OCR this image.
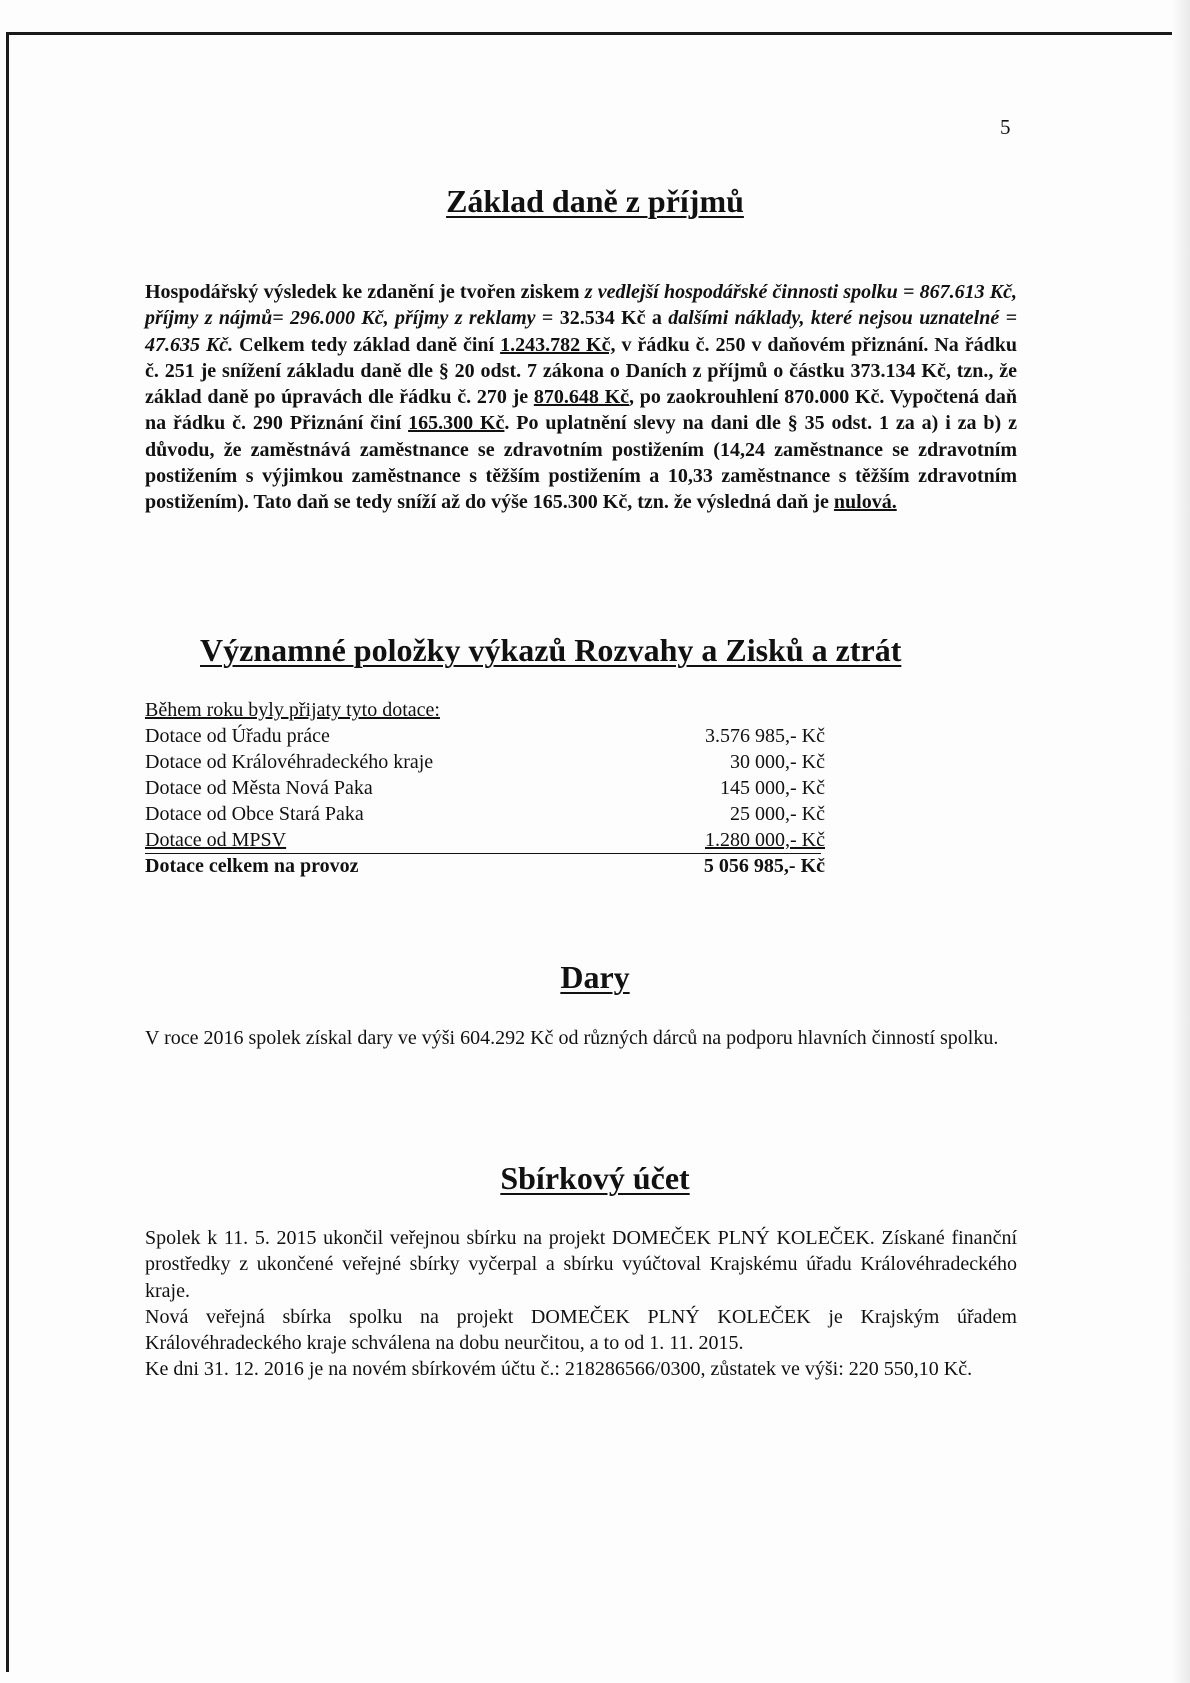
5
Základ daně z příjmů
Hospodářský výsledek ke zdanění je tvořen ziskem z vedlejší hospodářské činnosti spolku = 867.613 Kč, příjmy z nájmů= 296.000 Kč, příjmy z reklamy = 32.534 Kč a dalšími náklady, které nejsou uznatelné = 47.635 Kč. Celkem tedy základ daně činí 1.243.782 Kč, v řádku č. 250 v daňovém přiznání. Na řádku č. 251 je snížení základu daně dle § 20 odst. 7 zákona o Daních z příjmů o částku 373.134 Kč, tzn., že základ daně po úpravách dle řádku č. 270 je 870.648 Kč, po zaokrouhlení 870.000 Kč. Vypočtená daň na řádku č. 290 Přiznání činí 165.300 Kč. Po uplatnění slevy na dani dle § 35 odst. 1 za a) i za b) z důvodu, že zaměstnává zaměstnance se zdravotním postižením (14,24 zaměstnance se zdravotním postižením s výjimkou zaměstnance s těžším postižením a 10,33 zaměstnance s těžším zdravotním postižením). Tato daň se tedy sníží až do výše 165.300 Kč, tzn. že výsledná daň je nulová.
Významné položky výkazů Rozvahy a Zisků a ztrát
Během roku byly přijaty tyto dotace:
Dotace od Úřadu práce	3.576 985,- Kč
Dotace od Královéhradeckého kraje	30 000,- Kč
Dotace od Města Nová Paka	145 000,- Kč
Dotace od Obce Stará Paka	25 000,- Kč
Dotace od MPSV	1.280 000,- Kč
Dotace celkem na provoz	5 056 985,- Kč
Dary
V roce 2016 spolek získal dary ve výši 604.292 Kč od různých dárců na podporu hlavních činností spolku.
Sbírkový účet

Spolek k 11. 5. 2015 ukončil veřejnou sbírku na projekt DOMEČEK PLNÝ KOLEČEK. Získané finanční prostředky z ukončené veřejné sbírky vyčerpal a sbírku vyúčtoval Krajskému úřadu Královéhradeckého kraje.

Nová veřejná sbírka spolku na projekt DOMEČEK PLNÝ KOLEČEK je Krajským úřadem Královéhradeckého kraje schválena na dobu neurčitou, a to od 1. 11. 2015.

Ke dni 31. 12. 2016 je na novém sbírkovém účtu č.: 218286566/0300, zůstatek ve výši: 220 550,10 Kč.
